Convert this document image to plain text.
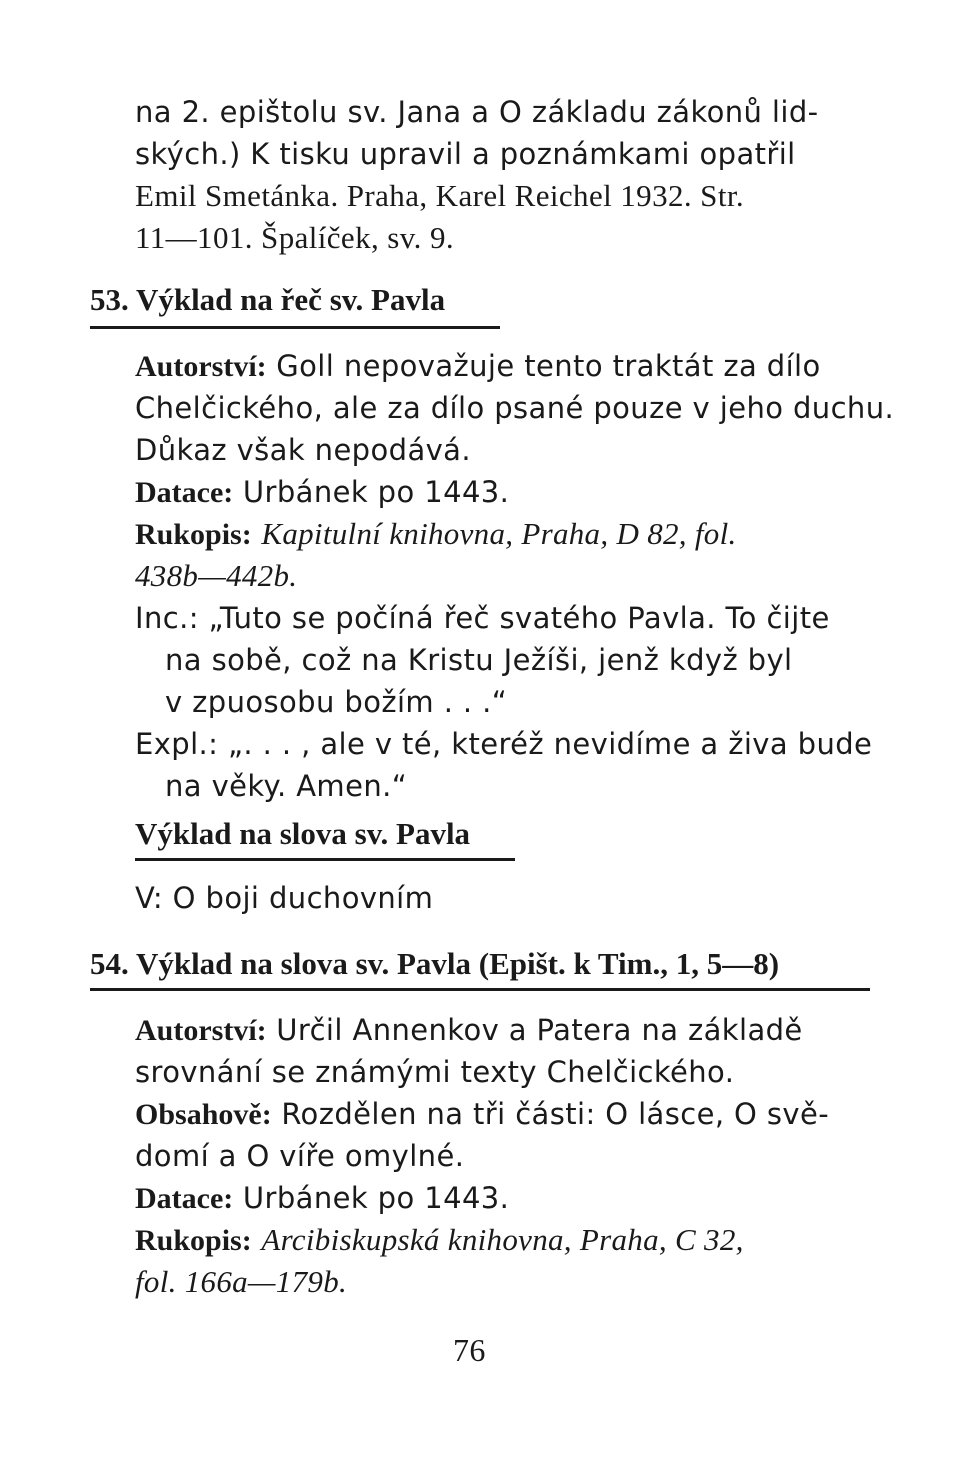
na 2. epištolu sv. Jana a O základu zákonů lid-
ských.) K tisku upravil a poznámkami opatřil
Emil Smetánka. Praha, Karel Reichel 1932. Str.
11—101. Špalíček, sv. 9.
53. Výklad na řeč sv. Pavla
Autorství: Goll nepovažuje tento traktát za dílo
Chelčického, ale za dílo psané pouze v jeho duchu.
Důkaz však nepodává.
Datace: Urbánek po 1443.
Rukopis: Kapitulní knihovna, Praha, D 82, fol.
438b—442b.
Inc.: „Tuto se počíná řeč svatého Pavla. To čijte
na sobě, což na Kristu Ježíši, jenž když byl
v zpuosobu božím . . .“
Expl.: „. . . , ale v té, kteréž nevidíme a živa bude
na věky. Amen.“
Výklad na slova sv. Pavla
V: O boji duchovním
54. Výklad na slova sv. Pavla (Epišt. k Tim., 1, 5—8)
Autorství: Určil Annenkov a Patera na základě
srovnání se známými texty Chelčického.
Obsahově: Rozdělen na tři části: O lásce, O svě-
domí a O víře omylné.
Datace: Urbánek po 1443.
Rukopis: Arcibiskupská knihovna, Praha, C 32,
fol. 166a—179b.
76
